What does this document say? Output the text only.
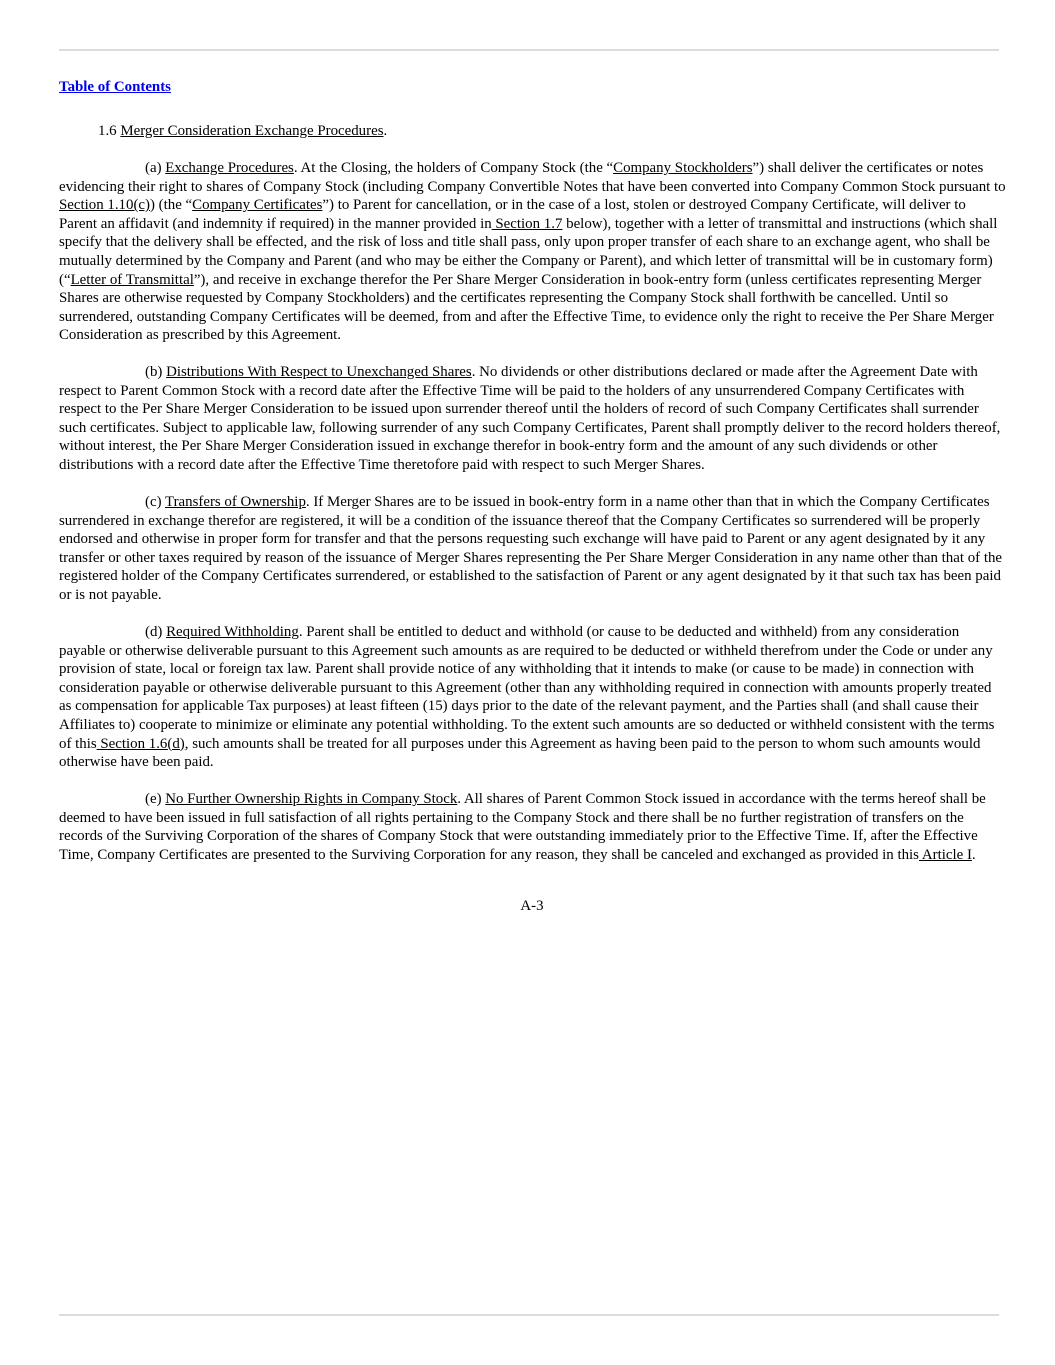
Table of Contents
1.6 Merger Consideration Exchange Procedures.

(a) Exchange Procedures. At the Closing, the holders of Company Stock (the “Company Stockholders”) shall deliver the certificates or notes evidencing their right to shares of Company Stock (including Company Convertible Notes that have been converted into Company Common Stock pursuant to Section 1.10(c)) (the “Company Certificates”) to Parent for cancellation, or in the case of a lost, stolen or destroyed Company Certificate, will deliver to Parent an affidavit (and indemnity if required) in the manner provided in Section 1.7 below), together with a letter of transmittal and instructions (which shall specify that the delivery shall be effected, and the risk of loss and title shall pass, only upon proper transfer of each share to an exchange agent, who shall be mutually determined by the Company and Parent (and who may be either the Company or Parent), and which letter of transmittal will be in customary form) (“Letter of Transmittal”), and receive in exchange therefor the Per Share Merger Consideration in book-entry form (unless certificates representing Merger Shares are otherwise requested by Company Stockholders) and the certificates representing the Company Stock shall forthwith be cancelled. Until so surrendered, outstanding Company Certificates will be deemed, from and after the Effective Time, to evidence only the right to receive the Per Share Merger Consideration as prescribed by this Agreement.

(b) Distributions With Respect to Unexchanged Shares. No dividends or other distributions declared or made after the Agreement Date with respect to Parent Common Stock with a record date after the Effective Time will be paid to the holders of any unsurrendered Company Certificates with respect to the Per Share Merger Consideration to be issued upon surrender thereof until the holders of record of such Company Certificates shall surrender such certificates. Subject to applicable law, following surrender of any such Company Certificates, Parent shall promptly deliver to the record holders thereof, without interest, the Per Share Merger Consideration issued in exchange therefor in book-entry form and the amount of any such dividends or other distributions with a record date after the Effective Time theretofore paid with respect to such Merger Shares.

(c) Transfers of Ownership. If Merger Shares are to be issued in book-entry form in a name other than that in which the Company Certificates surrendered in exchange therefor are registered, it will be a condition of the issuance thereof that the Company Certificates so surrendered will be properly endorsed and otherwise in proper form for transfer and that the persons requesting such exchange will have paid to Parent or any agent designated by it any transfer or other taxes required by reason of the issuance of Merger Shares representing the Per Share Merger Consideration in any name other than that of the registered holder of the Company Certificates surrendered, or established to the satisfaction of Parent or any agent designated by it that such tax has been paid or is not payable.

(d) Required Withholding. Parent shall be entitled to deduct and withhold (or cause to be deducted and withheld) from any consideration payable or otherwise deliverable pursuant to this Agreement such amounts as are required to be deducted or withheld therefrom under the Code or under any provision of state, local or foreign tax law. Parent shall provide notice of any withholding that it intends to make (or cause to be made) in connection with consideration payable or otherwise deliverable pursuant to this Agreement (other than any withholding required in connection with amounts properly treated as compensation for applicable Tax purposes) at least fifteen (15) days prior to the date of the relevant payment, and the Parties shall (and shall cause their Affiliates to) cooperate to minimize or eliminate any potential withholding. To the extent such amounts are so deducted or withheld consistent with the terms of this Section 1.6(d), such amounts shall be treated for all purposes under this Agreement as having been paid to the person to whom such amounts would otherwise have been paid.

(e) No Further Ownership Rights in Company Stock. All shares of Parent Common Stock issued in accordance with the terms hereof shall be deemed to have been issued in full satisfaction of all rights pertaining to the Company Stock and there shall be no further registration of transfers on the records of the Surviving Corporation of the shares of Company Stock that were outstanding immediately prior to the Effective Time. If, after the Effective Time, Company Certificates are presented to the Surviving Corporation for any reason, they shall be canceled and exchanged as provided in this Article I.

A-3
